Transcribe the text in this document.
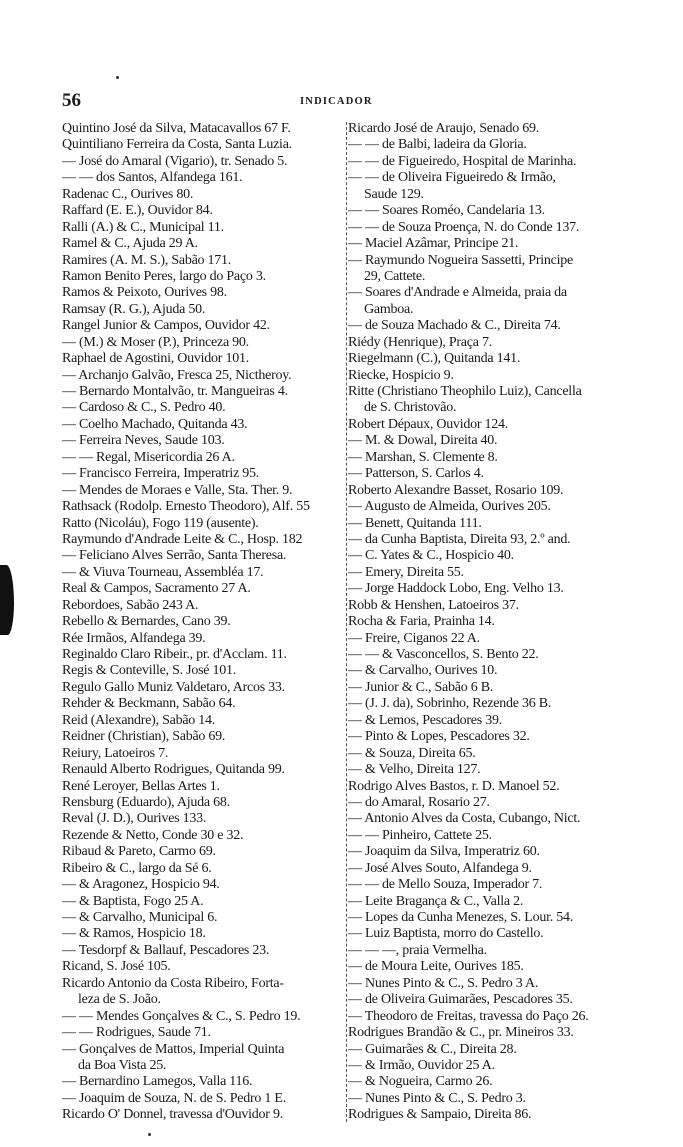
56	INDICADOR
Quintino José da Silva, Matacavallos 67 F.
Quintiliano Ferreira da Costa, Santa Luzia.
— José do Amaral (Vigario), tr. Senado 5.
— — dos Santos, Alfandega 161.
Radenac C., Ourives 80.
Raffard (E. E.), Ouvidor 84.
Ralli (A.) & C., Municipal 11.
Ramel & C., Ajuda 29 A.
Ramires (A. M. S.), Sabão 171.
Ramon Benito Peres, largo do Paço 3.
Ramos & Peixoto, Ourives 98.
Ramsay (R. G.), Ajuda 50.
Rangel Junior & Campos, Ouvidor 42.
— (M.) & Moser (P.), Princeza 90.
Raphael de Agostini, Ouvidor 101.
— Archanjo Galvão, Fresca 25, Nictheroy.
— Bernardo Montalvão, tr. Mangueiras 4.
— Cardoso & C., S. Pedro 40.
— Coelho Machado, Quitanda 43.
— Ferreira Neves, Saude 103.
— — Regal, Misericordia 26 A.
— Francisco Ferreira, Imperatriz 95.
— Mendes de Moraes e Valle, Sta. Ther. 9.
Rathsack (Rodolp. Ernesto Theodoro), Alf. 55
Ratto (Nicoláu), Fogo 119 (ausente).
Raymundo d'Andrade Leite & C., Hosp. 182
— Feliciano Alves Serrão, Santa Theresa.
— & Viuva Tourneau, Assembléa 17.
Real & Campos, Sacramento 27 A.
Rebordoes, Sabão 243 A.
Rebello & Bernardes, Cano 39.
Rée Irmãos, Alfandega 39.
Reginaldo Claro Ribeir., pr. d'Acclam. 11.
Regis & Conteville, S. José 101.
Regulo Gallo Muniz Valdetaro, Arcos 33.
Rehder & Beckmann, Sabão 64.
Reid (Alexandre), Sabão 14.
Reidner (Christian), Sabão 69.
Reiury, Latoeiros 7.
Renauld Alberto Rodrigues, Quitanda 99.
René Leroyer, Bellas Artes 1.
Rensburg (Eduardo), Ajuda 68.
Reval (J. D.), Ourives 133.
Rezende & Netto, Conde 30 e 32.
Ribaud & Pareto, Carmo 69.
Ribeiro & C., largo da Sé 6.
— & Aragonez, Hospicio 94.
— & Baptista, Fogo 25 A.
— & Carvalho, Municipal 6.
— & Ramos, Hospicio 18.
— Tesdorpf & Ballauf, Pescadores 23.
Ricand, S. José 105.
Ricardo Antonio da Costa Ribeiro, Forta-
leza de S. João.
— — Mendes Gonçalves & C., S. Pedro 19.
— — Rodrigues, Saude 71.
— Gonçalves de Mattos, Imperial Quinta
da Boa Vista 25.
— Bernardino Lamegos, Valla 116.
— Joaquim de Souza, N. de S. Pedro 1 E.
Ricardo O' Donnel, travessa d'Ouvidor 9.
Ricardo José de Araujo, Senado 69.
— — de Balbi, ladeira da Gloria.
— — de Figueiredo, Hospital de Marinha.
— — de Oliveira Figueiredo & Irmão,
Saude 129.
— — Soares Roméo, Candelaria 13.
— — de Souza Proença, N. do Conde 137.
— Maciel Azâmar, Principe 21.
— Raymundo Nogueira Sassetti, Principe
29, Cattete.
— Soares d'Andrade e Almeida, praia da
Gamboa.
— de Souza Machado & C., Direita 74.
Riédy (Henrique), Praça 7.
Riegelmann (C.), Quitanda 141.
Riecke, Hospicio 9.
Ritte (Christiano Theophilo Luiz), Cancella
de S. Christovão.
Robert Dépaux, Ouvidor 124.
— M. & Dowal, Direita 40.
— Marshan, S. Clemente 8.
— Patterson, S. Carlos 4.
Roberto Alexandre Basset, Rosario 109.
— Augusto de Almeida, Ourives 205.
— Benett, Quitanda 111.
— da Cunha Baptista, Direita 93, 2.º and.
— C. Yates & C., Hospicio 40.
— Emery, Direita 55.
— Jorge Haddock Lobo, Eng. Velho 13.
Robb & Henshen, Latoeiros 37.
Rocha & Faria, Prainha 14.
— Freire, Ciganos 22 A.
— — & Vasconcellos, S. Bento 22.
— & Carvalho, Ourives 10.
— Junior & C., Sabão 6 B.
— (J. J. da), Sobrinho, Rezende 36 B.
— & Lemos, Pescadores 39.
— Pinto & Lopes, Pescadores 32.
— & Souza, Direita 65.
— & Velho, Direita 127.
Rodrigo Alves Bastos, r. D. Manoel 52.
— do Amaral, Rosario 27.
— Antonio Alves da Costa, Cubango, Nict.
— — Pinheiro, Cattete 25.
— Joaquim da Silva, Imperatriz 60.
— José Alves Souto, Alfandega 9.
— — de Mello Souza, Imperador 7.
— Leite Bragança & C., Valla 2.
— Lopes da Cunha Menezes, S. Lour. 54.
— Luiz Baptista, morro do Castello.
— — —, praia Vermelha.
— de Moura Leite, Ourives 185.
— Nunes Pinto & C., S. Pedro 3 A.
— de Oliveira Guimarães, Pescadores 35.
— Theodoro de Freitas, travessa do Paço 26.
Rodrigues Brandão & C., pr. Mineiros 33.
— Guimarães & C., Direita 28.
— & Irmão, Ouvidor 25 A.
— & Nogueira, Carmo 26.
— Nunes Pinto & C., S. Pedro 3.
Rodrigues & Sampaio, Direita 86.
